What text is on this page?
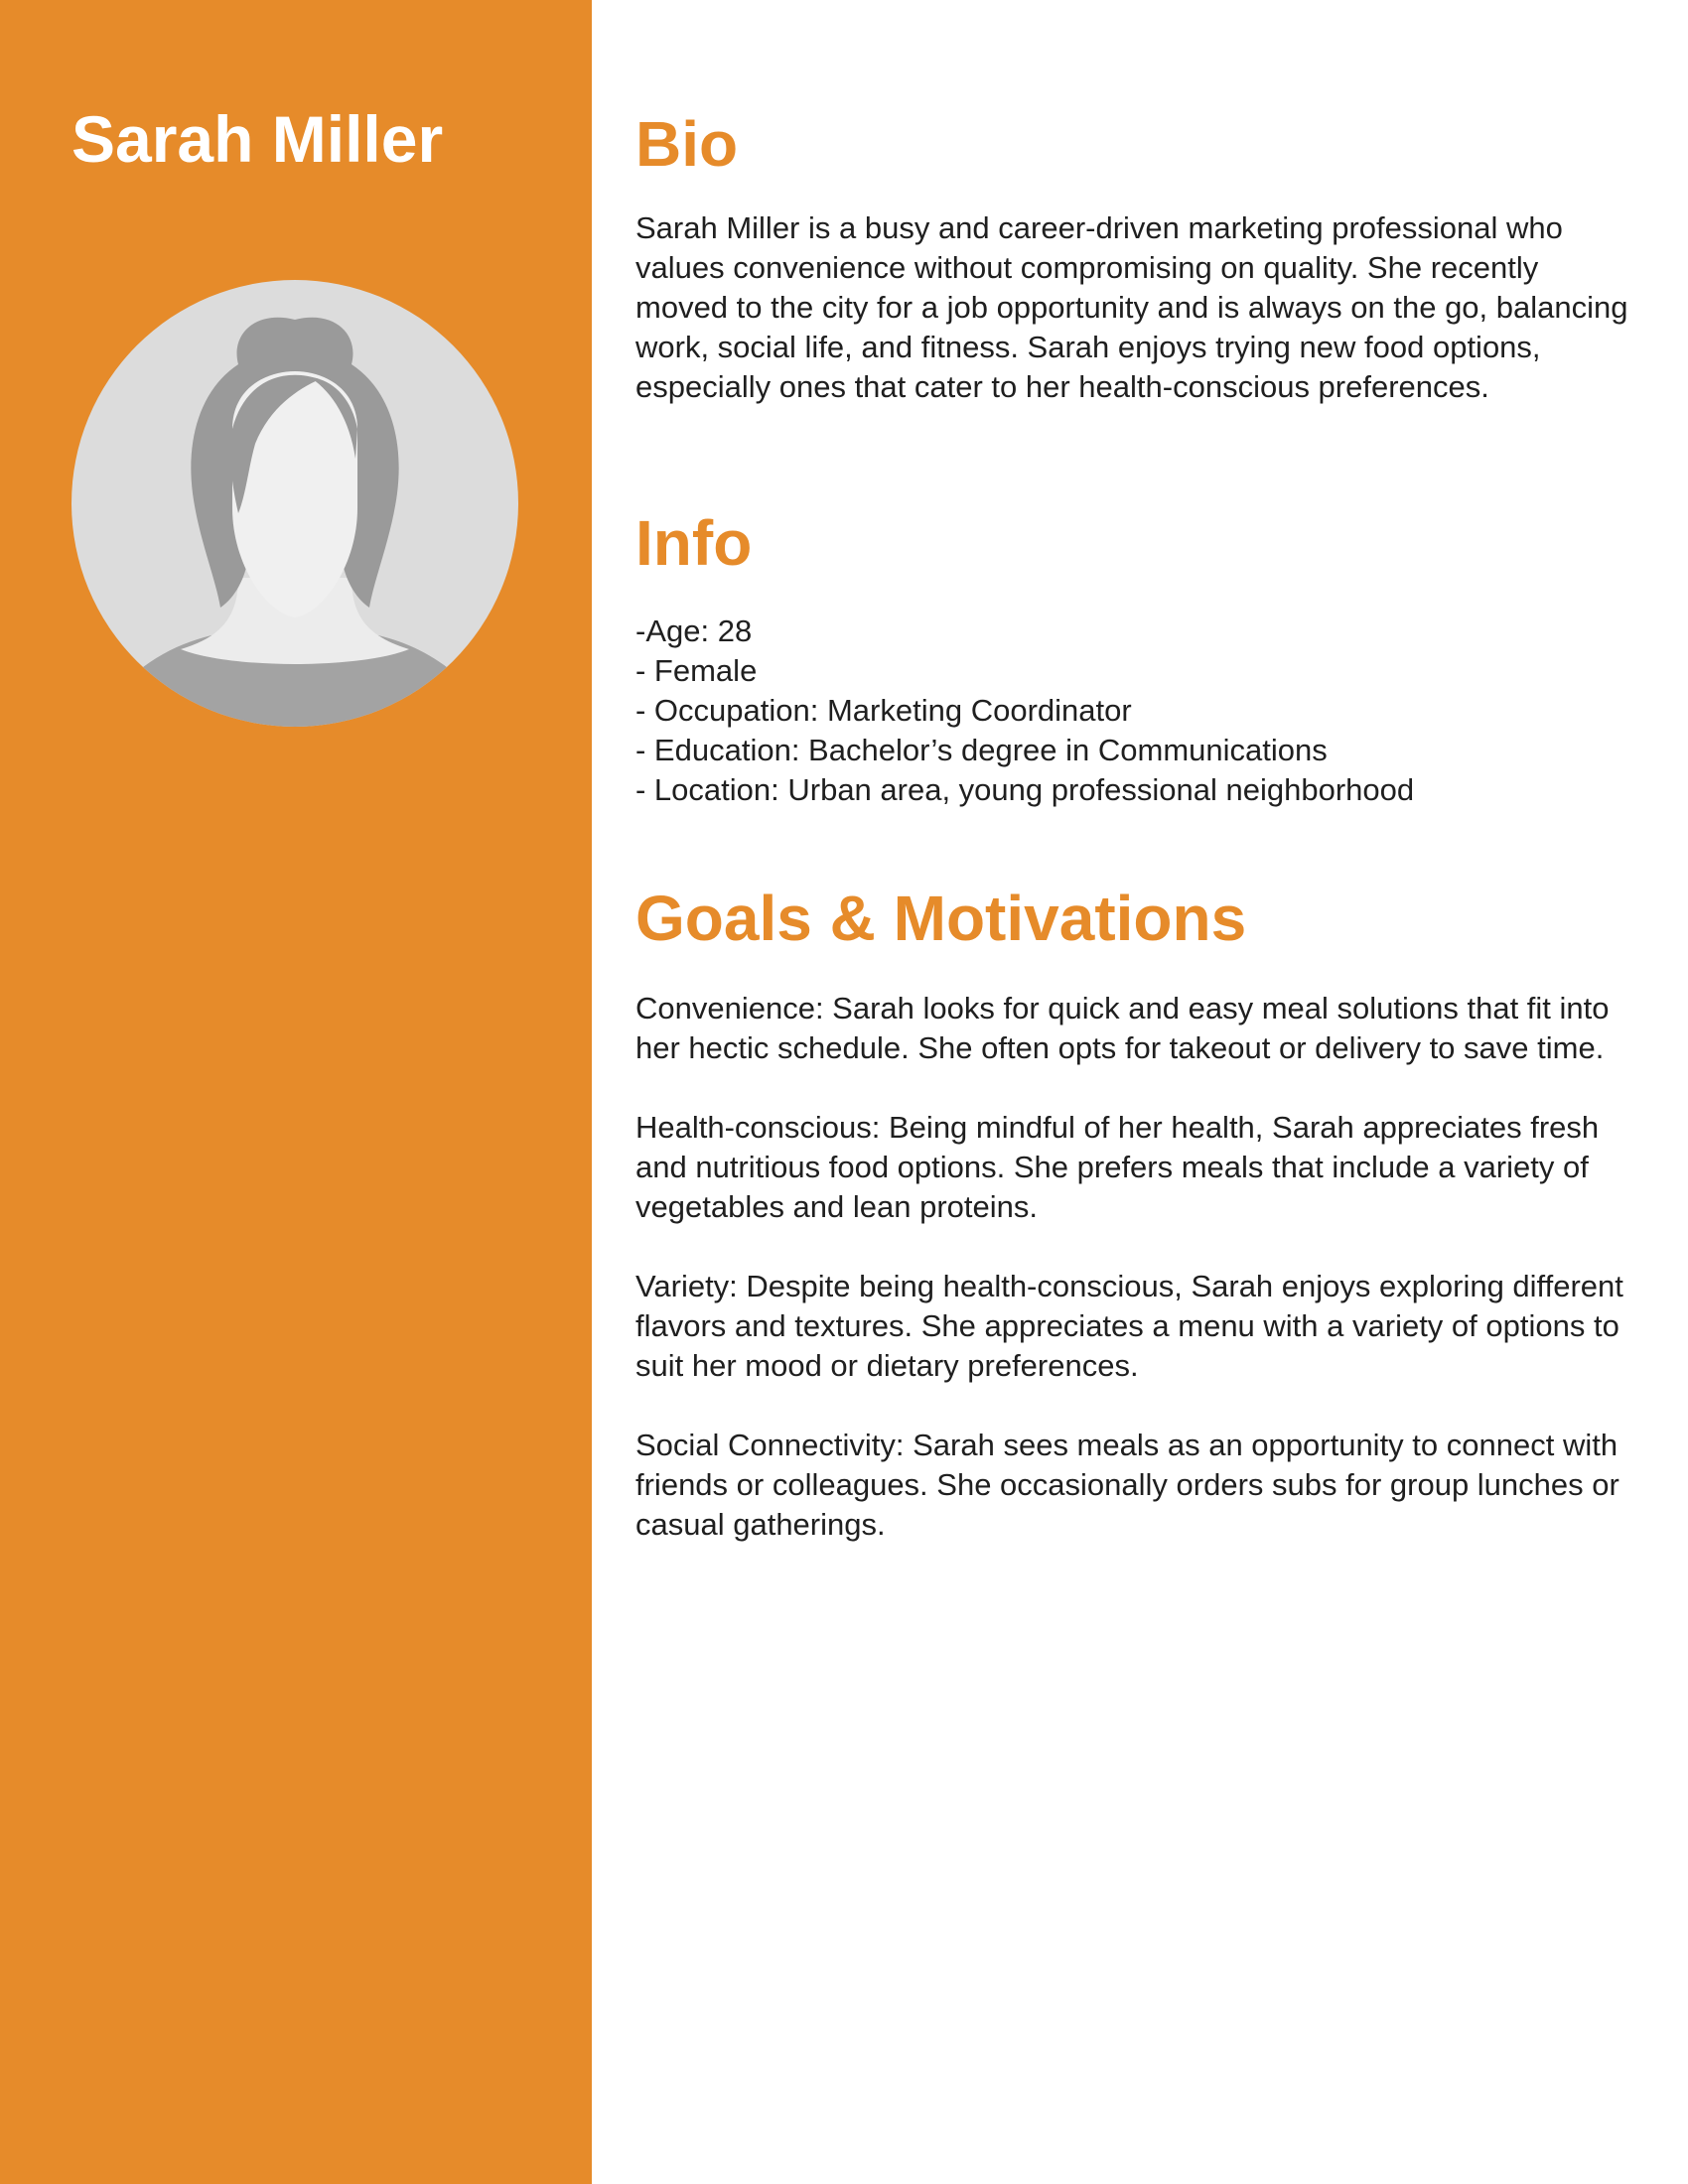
Sarah Miller	Bio

Sarah Miller is a busy and career-driven marketing professional who values convenience without compromising on quality. She recently moved to the city for a job opportunity and is always on the go, balancing work, social life, and fitness. Sarah enjoys trying new food options, especially ones that cater to her health-conscious preferences.

Info
-Age: 28
- Female
- Occupation: Marketing Coordinator
- Education: Bachelor’s degree in Communications
- Location: Urban area, young professional neighborhood
Goals & Motivations

Convenience: Sarah looks for quick and easy meal solutions that fit into her hectic schedule. She often opts for takeout or delivery to save time.

Health-conscious: Being mindful of her health, Sarah appreciates fresh and nutritious food options. She prefers meals that include a variety of vegetables and lean proteins.

Variety: Despite being health-conscious, Sarah enjoys exploring different flavors and textures. She appreciates a menu with a variety of options to suit her mood or dietary preferences.

Social Connectivity: Sarah sees meals as an opportunity to connect with friends or colleagues. She occasionally orders subs for group lunches or casual gatherings.
